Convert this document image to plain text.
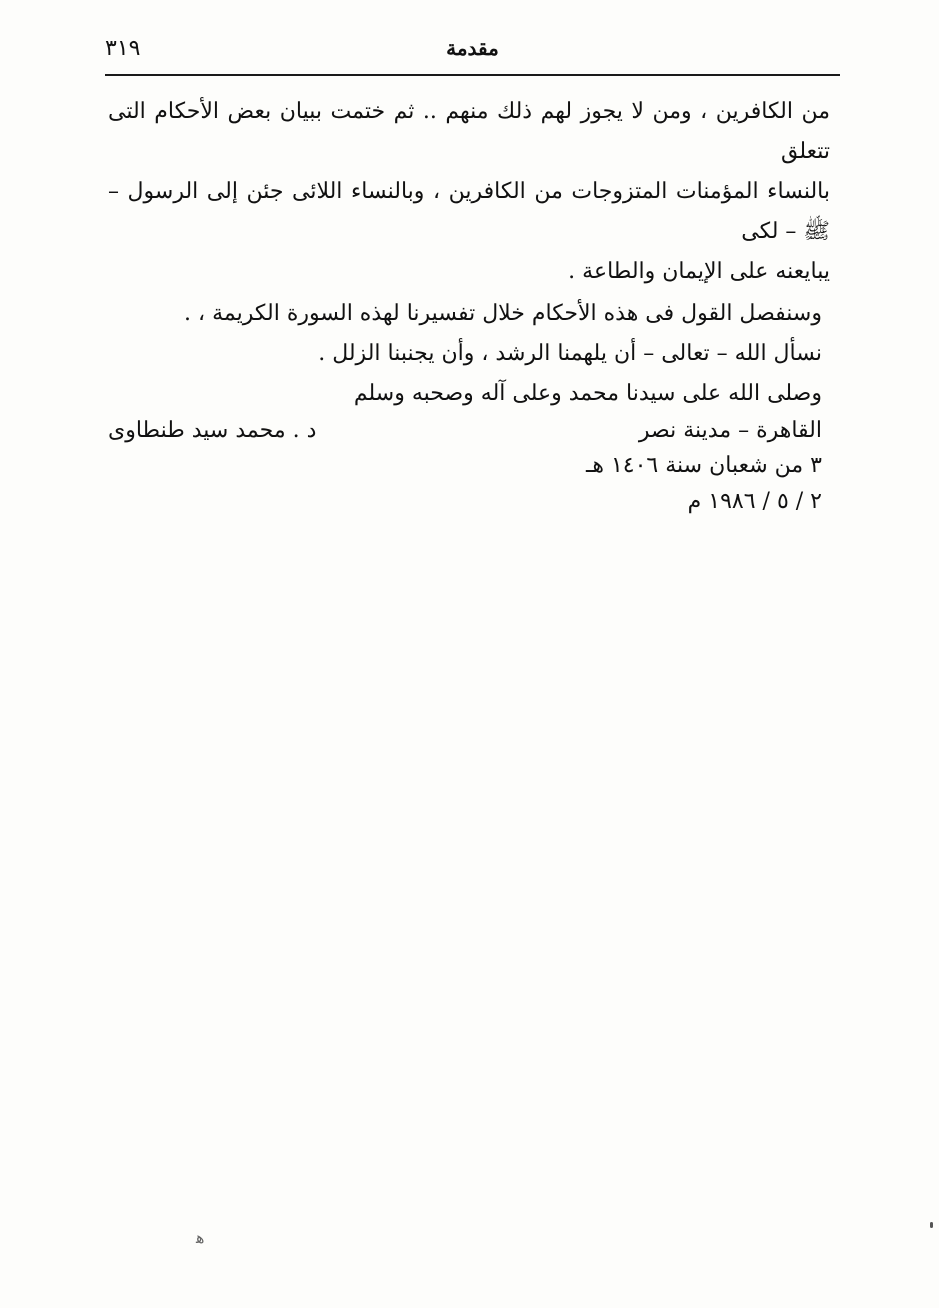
٣١٩	مقدمة
من الكافرين ، ومن لا يجوز لهم ذلك منهم .. ثم ختمت ببيان بعض الأحكام التى تتعلق
بالنساء المؤمنات المتزوجات من الكافرين ، وبالنساء اللائى جئن إلى الرسول – ﷺ – لكى
يبايعنه على الإيمان والطاعة .
وسنفصل القول فى هذه الأحكام خلال تفسيرنا لهذه السورة الكريمة ، .
نسأل الله – تعالى – أن يلهمنا الرشد ، وأن يجنبنا الزلل .
وصلى الله على سيدنا محمد وعلى آله وصحبه وسلم
القاهرة – مدينة نصر
د . محمد سيد طنطاوى
٣ من شعبان سنة ١٤٠٦ هـ
٢ / ٥ / ١٩٨٦ م
ﻫ
